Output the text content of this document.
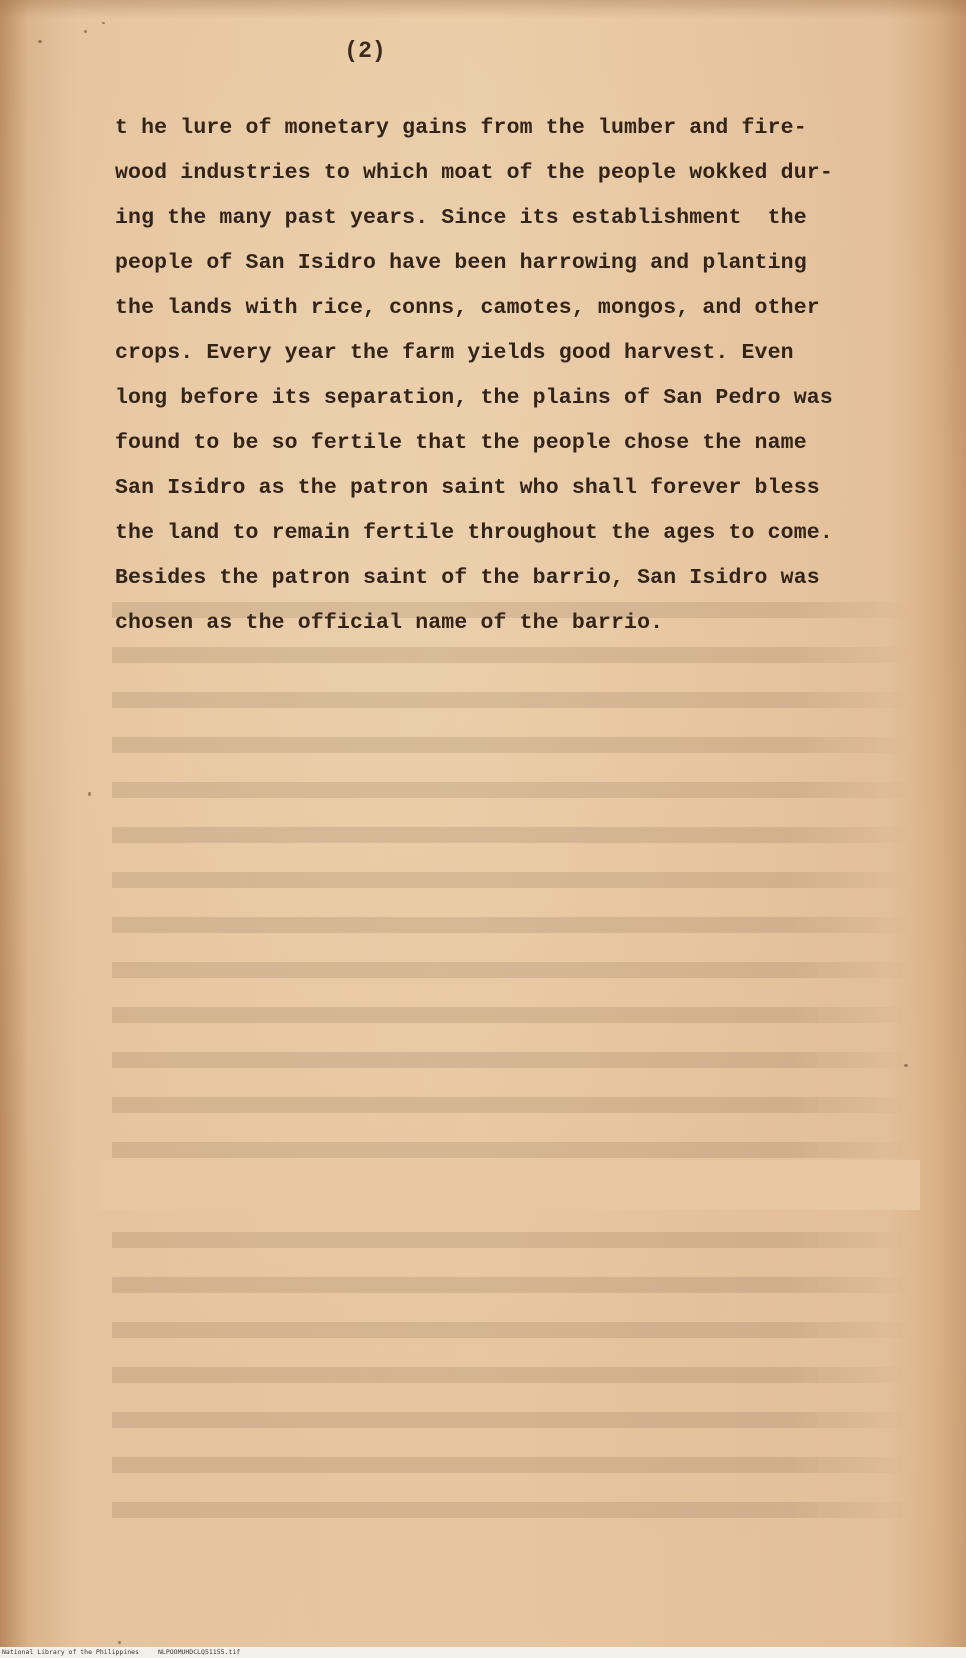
(2)
t he lure of monetary gains from the lumber and fire-
wood industries to which moat of the people wokked dur-
ing the many past years. Since its establishment  the
people of San Isidro have been harrowing and planting
the lands with rice, conns, camotes, mongos, and other
crops. Every year the farm yields good harvest. Even
long before its separation, the plains of San Pedro was
found to be so fertile that the people chose the name
San Isidro as the patron saint who shall forever bless
the land to remain fertile throughout the ages to come.
Besides the patron saint of the barrio, San Isidro was
chosen as the official name of the barrio.
National Library of the Philippines	NLPOOMUHDCLQ51155.tif
